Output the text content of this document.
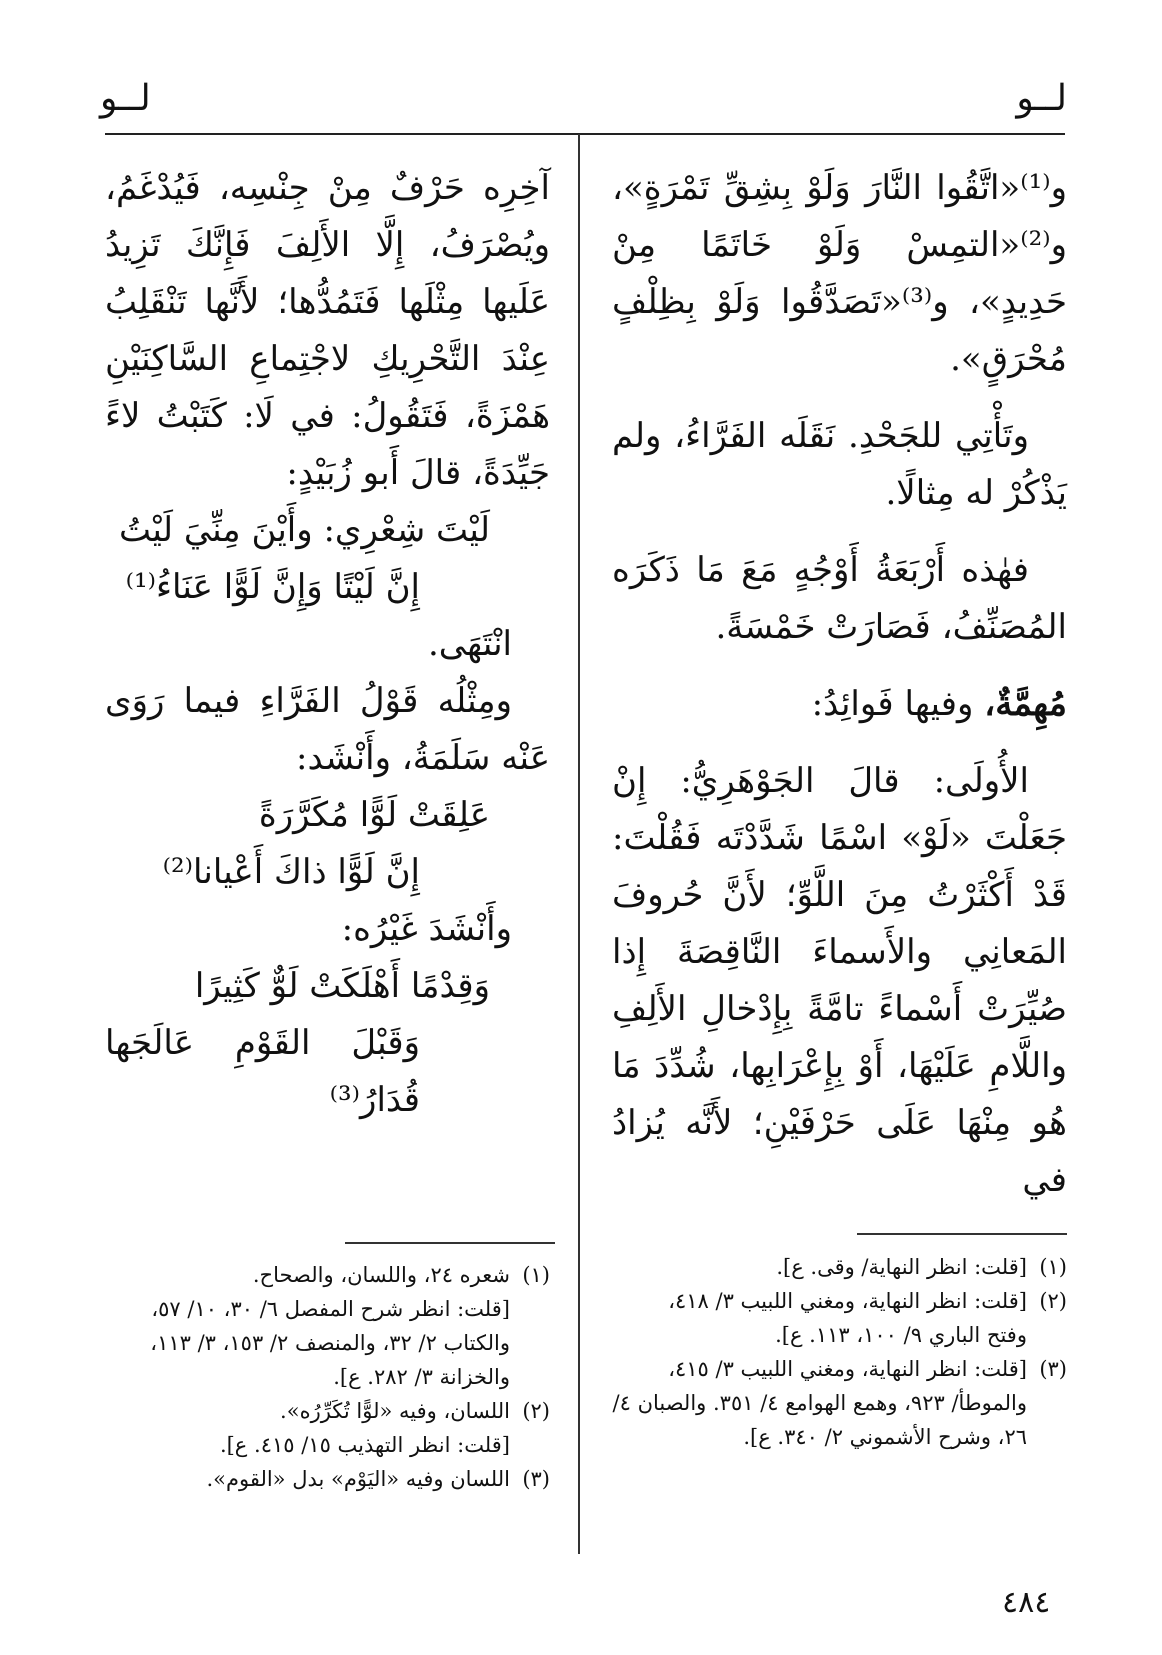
لــو
لــو

و⁽¹⁾«اتَّقُوا النَّارَ وَلَوْ بِشِقِّ تَمْرَةٍ»، و⁽²⁾«التمِسْ وَلَوْ خَاتَمًا مِنْ حَدِيدٍ»، و⁽³⁾«تَصَدَّقُوا وَلَوْ بِظِلْفٍ مُحْرَقٍ».

وتَأْتِي للجَحْدِ. نَقَلَه الفَرَّاءُ، ولم يَذْكُرْ له مِثالًا.

فهٰذه أَرْبَعَةُ أَوْجُهٍ مَعَ مَا ذَكَرَه المُصَنِّفُ، فَصَارَتْ خَمْسَةً.

مُهِمَّةٌ، وفيها فَوائِدُ:

الأُولَى: قالَ الجَوْهَرِيُّ: إِنْ جَعَلْتَ «لَوْ» اسْمًا شَدَّدْتَه فَقُلْتَ: قَدْ أَكْثَرْتُ مِنَ اللَّوِّ؛ لأَنَّ حُروفَ المَعانِي والأَسماءَ النَّاقِصَةَ إِذا صُيِّرَتْ أَسْماءً تامَّةً بِإِدْخالِ الأَلِفِ واللَّامِ عَلَيْهَا، أَوْ بِإِعْرَابِها، شُدِّدَ مَا هُو مِنْهَا عَلَى حَرْفَيْنِ؛ لأَنَّه يُزادُ في

آخِرِه حَرْفٌ مِنْ جِنْسِه، فَيُدْغَمُ، ويُصْرَفُ، إِلَّا الأَلِفَ فَإِنَّكَ تَزِيدُ عَلَيها مِثْلَها فَتَمُدُّها؛ لأَنَّها تَنْقَلِبُ عِنْدَ التَّحْرِيكِ لاجْتِماعِ السَّاكِنَيْنِ هَمْزَةً، فَتَقُولُ: في لَا: كَتَبْتُ لاءً جَيِّدَةً، قالَ أَبو زُبَيْدٍ:

لَيْتَ شِعْرِي: وأَيْنَ مِنِّيَ لَيْتُ

إِنَّ لَيْتًا وَإِنَّ لَوًّا عَنَاءُ⁽¹⁾

انْتَهَى.

ومِثْلُه قَوْلُ الفَرَّاءِ فيما رَوَى عَنْه سَلَمَةُ، وأَنْشَد:

عَلِقَتْ لَوًّا مُكَرَّرَةً

إِنَّ لَوًّا ذاكَ أَعْيانا⁽²⁾

وأَنْشَدَ غَيْرُه:

وَقِدْمًا أَهْلَكَتْ لَوٌّ كَثِيرًا

وَقَبْلَ القَوْمِ عَالَجَها قُدَارُ⁽³⁾

(١)[قلت: انظر النهاية/ وقى. ع].

(٢)[قلت: انظر النهاية، ومغني اللبيب ٣/ ٤١٨،

وفتح الباري ٩/ ١٠٠، ١١٣. ع].

(٣)[قلت: انظر النهاية، ومغني اللبيب ٣/ ٤١٥،

والموطأ/ ٩٢٣، وهمع الهوامع ٤/ ٣٥١. والصبان ٤/ ٢٦، وشرح الأشموني ٢/ ٣٤٠. ع].

(١)شعره ٢٤، واللسان، والصحاح.

[قلت: انظر شرح المفصل ٦/ ٣٠، ١٠/ ٥٧، والكتاب ٢/ ٣٢، والمنصف ٢/ ١٥٣، ٣/ ١١٣، والخزانة ٣/ ٢٨٢. ع].

(٢)اللسان، وفيه «لوًّا تُكَرِّرُه».

[قلت: انظر التهذيب ١٥/ ٤١٥. ع].

(٣)اللسان وفيه «اليَوْم» بدل «القوم».

٤٨٤
